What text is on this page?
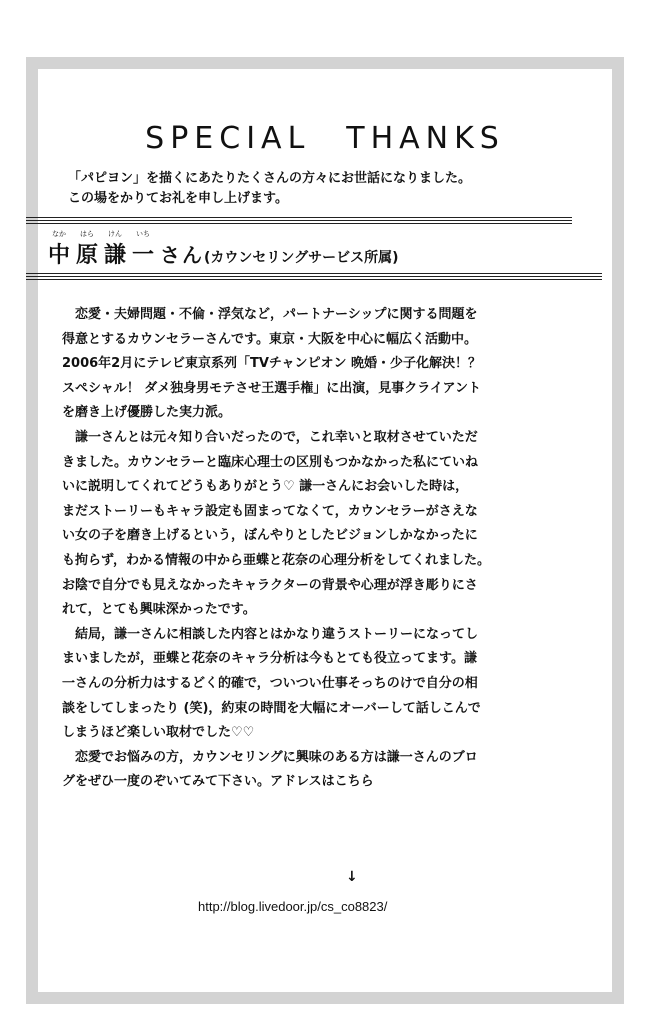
SPECIAL　THANKS
「パピヨン」を描くにあたりたくさんの方々にお世話になりました。
この場をかりてお礼を申し上げます。
なか はら けん いち
中原謙一さん(カウンセリングサービス所属)
　恋愛・夫婦問題・不倫・浮気など，パートナーシップに関する問題を
得意とするカウンセラーさんです。東京・大阪を中心に幅広く活動中。
2006年2月にテレビ東京系列「TVチャンピオン 晩婚・少子化解決！？
スペシャル！ ダメ独身男モテさせ王選手権」に出演，見事クライアント
を磨き上げ優勝した実力派。
　謙一さんとは元々知り合いだったので，これ幸いと取材させていただ
きました。カウンセラーと臨床心理士の区別もつかなかった私にていね
いに説明してくれてどうもありがとう♡ 謙一さんにお会いした時は，
まだストーリーもキャラ設定も固まってなくて，カウンセラーがさえな
い女の子を磨き上げるという，ぼんやりとしたビジョンしかなかったに
も拘らず，わかる情報の中から亜蝶と花奈の心理分析をしてくれました。
お陰で自分でも見えなかったキャラクターの背景や心理が浮き彫りにさ
れて，とても興味深かったです。
　結局，謙一さんに相談した内容とはかなり違うストーリーになってし
まいましたが，亜蝶と花奈のキャラ分析は今もとても役立ってます。謙
一さんの分析力はするどく的確で，ついつい仕事そっちのけで自分の相
談をしてしまったり (笑)，約束の時間を大幅にオーバーして話しこんで
しまうほど楽しい取材でした♡♡
　恋愛でお悩みの方，カウンセリングに興味のある方は謙一さんのブロ
グをぜひ一度のぞいてみて下さい。アドレスはこちら
↓
http://blog.livedoor.jp/cs_co8823/
